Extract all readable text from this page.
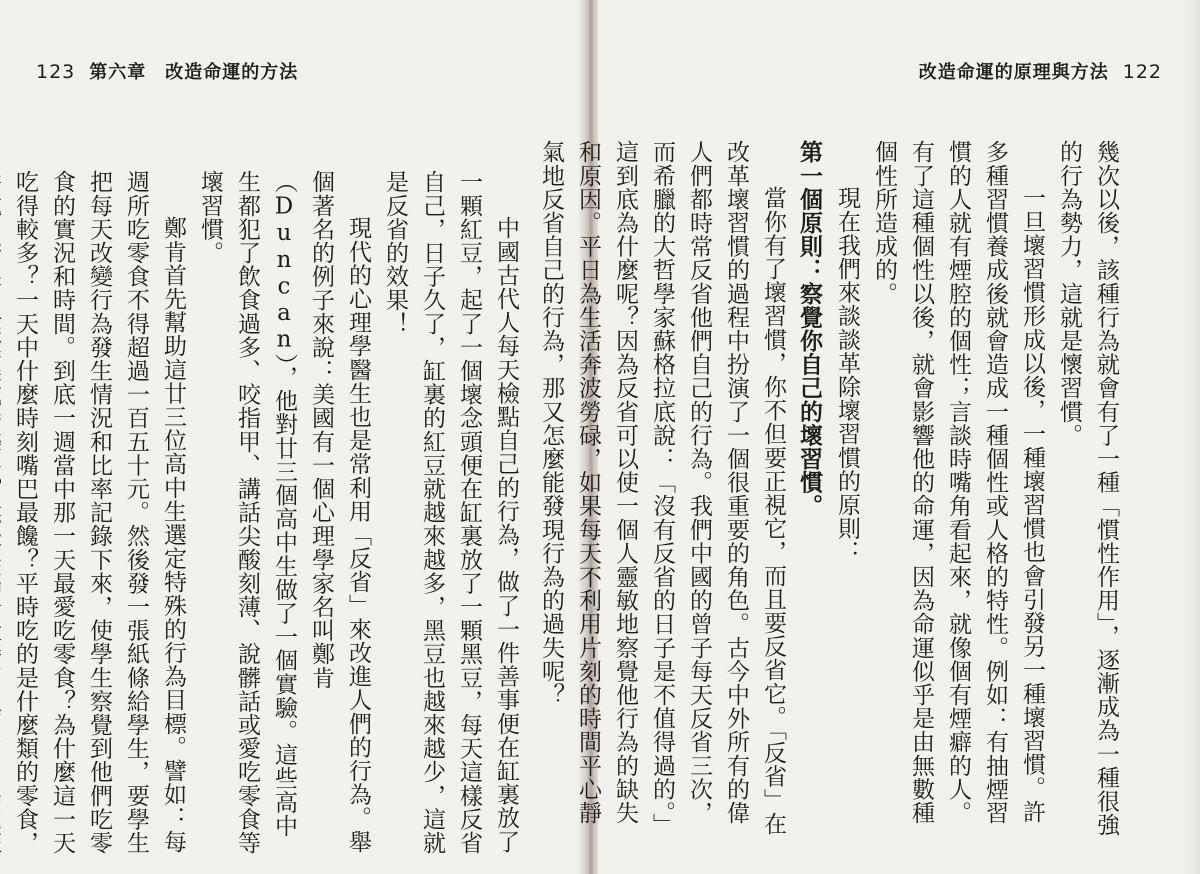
123 第六章　改造命運的方法

中國古代人每天檢點自己的行為，做了一件善事便在缸裏放了一顆紅豆，起了一個壞念頭便在缸裏放了一顆黑豆，每天這樣反省自己，日子久了，缸裏的紅豆就越來越多，黑豆也越來越少，這就是反省的效果！

現代的心理學醫生也是常利用「反省」來改進人們的行為。舉個著名的例子來說：美國有一個心理學家名叫鄭肯（Duncan），他對廿三個高中生做了一個實驗。這些高中生都犯了飲食過多、咬指甲、講話尖酸刻薄、說髒話或愛吃零食等壞習慣。

鄭肯首先幫助這廿三位高中生選定特殊的行為目標。譬如：每週所吃零食不得超過一百五十元。然後發一張紙條給學生，要學生把每天改變行為發生情況和比率記錄下來，使學生察覺到他們吃零食的實況和時間。到底一週當中那一天最愛吃零食？為什麼這一天吃得較多？一天中什麼時刻嘴巴最饞？平時吃的是什麼類的零食，

改造命運的原理與方法 122

幾次以後，該種行為就會有了一種「慣性作用」，逐漸成為一種很強的行為勢力，這就是懷習慣。

一旦壞習慣形成以後，一種壞習慣也會引發另一種壞習慣。許多種習慣養成後就會造成一種個性或人格的特性。例如：有抽煙習慣的人就有煙腔的個性；言談時嘴角看起來，就像個有煙癖的人。有了這種個性以後，就會影響他的命運，因為命運似乎是由無數種個性所造成的。

現在我們來談談革除壞習慣的原則：

第一個原則：察覺你自己的壞習慣。

當你有了壞習慣，你不但要正視它，而且要反省它。「反省」在改革壞習慣的過程中扮演了一個很重要的角色。古今中外所有的偉人們都時常反省他們自己的行為。我們中國的曾子每天反省三次，而希臘的大哲學家蘇格拉底說：「沒有反省的日子是不值得過的。」這到底為什麼呢？因為反省可以使一個人靈敏地察覺他行為的缺失和原因。平日為生活奔波勞碌，如果每天不利用片刻的時間平心靜氣地反省自己的行為，那又怎麼能發現行為的過失呢？
